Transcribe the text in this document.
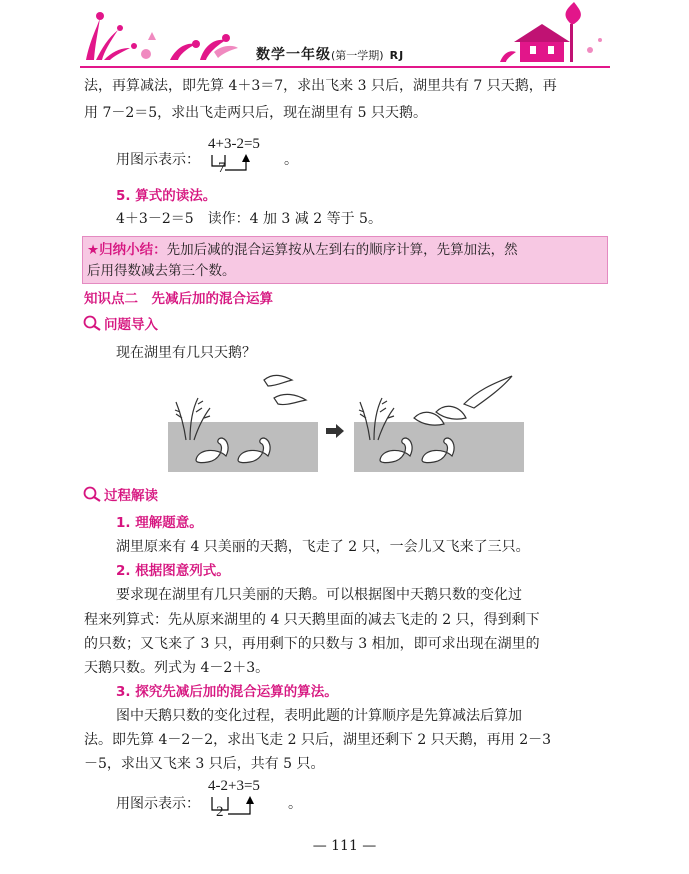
数学一年级(第一学期) RJ
法，再算减法，即先算 4＋3＝7，求出飞来 3 只后，湖里共有 7 只天鹅，再
用 7－2＝5，求出飞走两只后，现在湖里有 5 只天鹅。
用图示表示：
4+3-2=5
7	。
5. 算式的读法。
4＋3－2＝5　读作：4 加 3 减 2 等于 5。
★归纳小结：先加后减的混合运算按从左到右的顺序计算，先算加法，然
后用得数减去第三个数。
知识点二　先减后加的混合运算
问题导入
现在湖里有几只天鹅？
过程解读
1. 理解题意。
湖里原来有 4 只美丽的天鹅，飞走了 2 只，一会儿又飞来了三只。
2. 根据图意列式。
要求现在湖里有几只美丽的天鹅。可以根据图中天鹅只数的变化过
程来列算式：先从原来湖里的 4 只天鹅里面的减去飞走的 2 只，得到剩下
的只数；又飞来了 3 只，再用剩下的只数与 3 相加，即可求出现在湖里的
天鹅只数。列式为 4－2＋3。
3. 探究先减后加的混合运算的算法。
图中天鹅只数的变化过程，表明此题的计算顺序是先算减法后算加
法。即先算 4－2－2，求出飞走 2 只后，湖里还剩下 2 只天鹅，再用 2－3
－5，求出又飞来 3 只后，共有 5 只。
用图示表示：
4-2+3=5
2	。
— 111 —
